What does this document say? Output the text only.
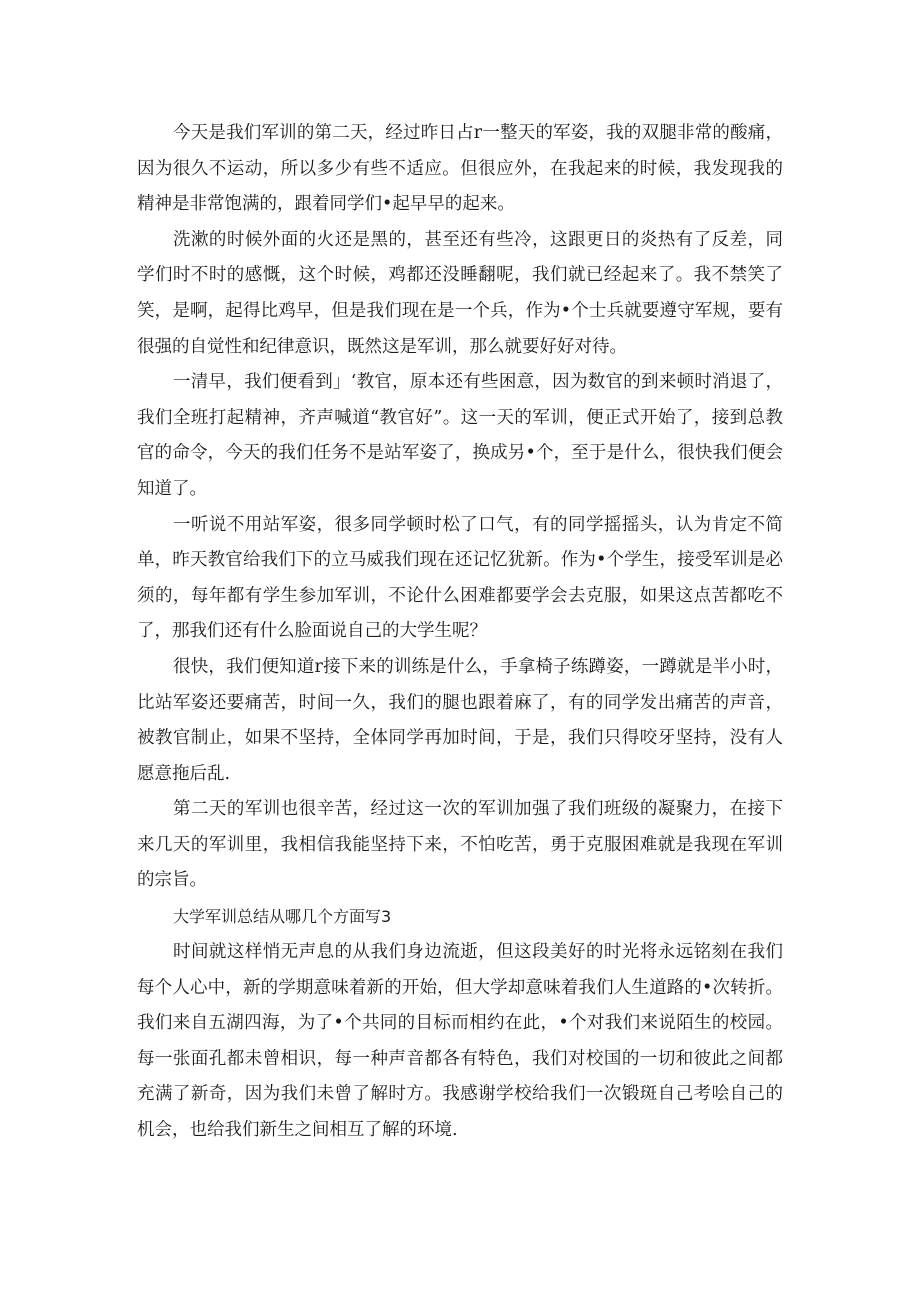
今天是我们军训的第二天，经过昨日占r一整天的军姿，我的双腿非常的酸痛，因为很久不运动，所以多少有些不适应。但很应外，在我起来的时候，我发现我的精神是非常饱满的，跟着同学们•起早早的起来。

洗漱的时候外面的火还是黑的，甚至还有些冷，这跟更日的炎热有了反差，同学们时不时的感慨，这个时候，鸡都还没睡翻呢，我们就已经起来了。我不禁笑了笑，是啊，起得比鸡早，但是我们现在是一个兵，作为•个士兵就要遵守军规，要有很强的自觉性和纪律意识，既然这是军训，那么就要好好对待。

一清早，我们便看到」‘教官，原本还有些困意，因为数官的到来顿时消退了，我们全班打起精神，齐声喊道“教官好”。这一天的军训，便正式开始了，接到总教官的命令，今天的我们任务不是站军姿了，换成另•个，至于是什么，很快我们便会知道了。

一听说不用站军姿，很多同学顿时松了口气，有的同学摇摇头，认为肯定不简单，昨天教官给我们下的立马威我们现在还记忆犹新。作为•个学生，接受军训是必须的，每年都有学生参加军训，不论什么困难都要学会去克服，如果这点苦都吃不了，那我们还有什么脸面说自己的大学生呢？

很快，我们便知道r接下来的训练是什么，手拿椅子练蹲姿，一蹲就是半小时，比站军姿还要痛苦，时间一久，我们的腿也跟着麻了，有的同学发出痛苦的声音，被教官制止，如果不坚持，全体同学再加时间，于是，我们只得咬牙坚持，没有人愿意拖后乱.

第二天的军训也很辛苦，经过这一次的军训加强了我们班级的凝聚力，在接下来几天的军训里，我相信我能坚持下来，不怕吃苦，勇于克服困难就是我现在军训的宗旨。

大学军训总结从哪几个方面写3

时间就这样悄无声息的从我们身边流逝，但这段美好的时光将永远铭刻在我们每个人心中，新的学期意味着新的开始，但大学却意味着我们人生道路的•次转折。我们来自五湖四海，为了•个共同的目标而相约在此，•个对我们来说陌生的校园。每一张面孔都未曾相识，每一种声音都各有特色，我们对校国的一切和彼此之间都充满了新奇，因为我们未曾了解时方。我感谢学校给我们一次锻斑自己考哙自己的机会，也给我们新生之间相互了解的环境.
